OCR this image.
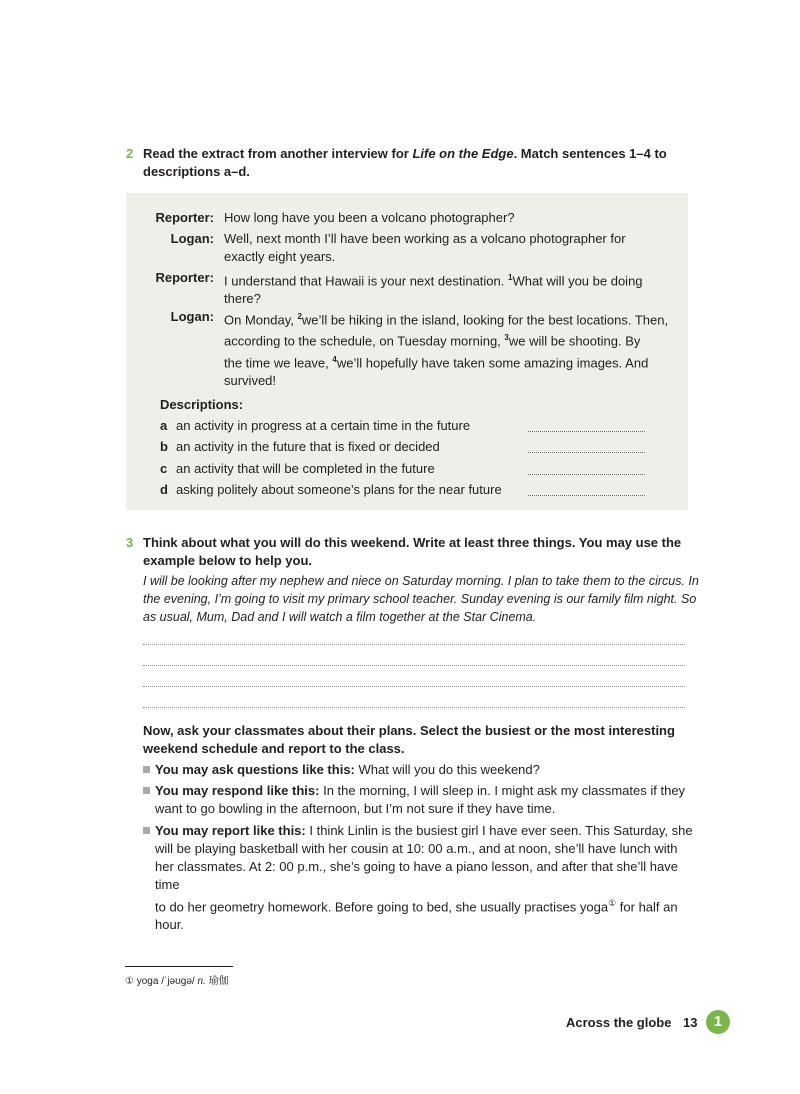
2 Read the extract from another interview for Life on the Edge. Match sentences 1–4 to
descriptions a–d.
Reporter: How long have you been a volcano photographer?
Logan: Well, next month I’ll have been working as a volcano photographer for
exactly eight years.
Reporter: I understand that Hawaii is your next destination. $^1$What will you be doing
there?
Logan: On Monday, $^2$we’ll be hiking in the island, looking for the best locations. Then,
according to the schedule, on Tuesday morning, $^3$we will be shooting. By
the time we leave, $^4$we’ll hopefully have taken some amazing images. And
survived!
Descriptions:
a an activity in progress at a certain time in the future
b an activity in the future that is fixed or decided
c an activity that will be completed in the future
d asking politely about someone’s plans for the near future
3 Think about what you will do this weekend. Write at least three things. You may use the
example below to help you.
I will be looking after my nephew and niece on Saturday morning. I plan to take them to the circus. In
the evening, I’m going to visit my primary school teacher. Sunday evening is our family film night. So
as usual, Mum, Dad and I will watch a film together at the Star Cinema.
Now, ask your classmates about their plans. Select the busiest or the most interesting
weekend schedule and report to the class.
You may ask questions like this: What will you do this weekend?
You may respond like this: In the morning, I will sleep in. I might ask my classmates if they
want to go bowling in the afternoon, but I’m not sure if they have time.
You may report like this: I think Linlin is the busiest girl I have ever seen. This Saturday, she
will be playing basketball with her cousin at 10: 00 a.m., and at noon, she’ll have lunch with
her classmates. At 2: 00 p.m., she’s going to have a piano lesson, and after that she’ll have time
to do her geometry homework. Before going to bed, she usually practises yoga① for half an
hour.
① yoga /ˈjəʊɡə/ n. 瑜伽
Across the globe 13	1
